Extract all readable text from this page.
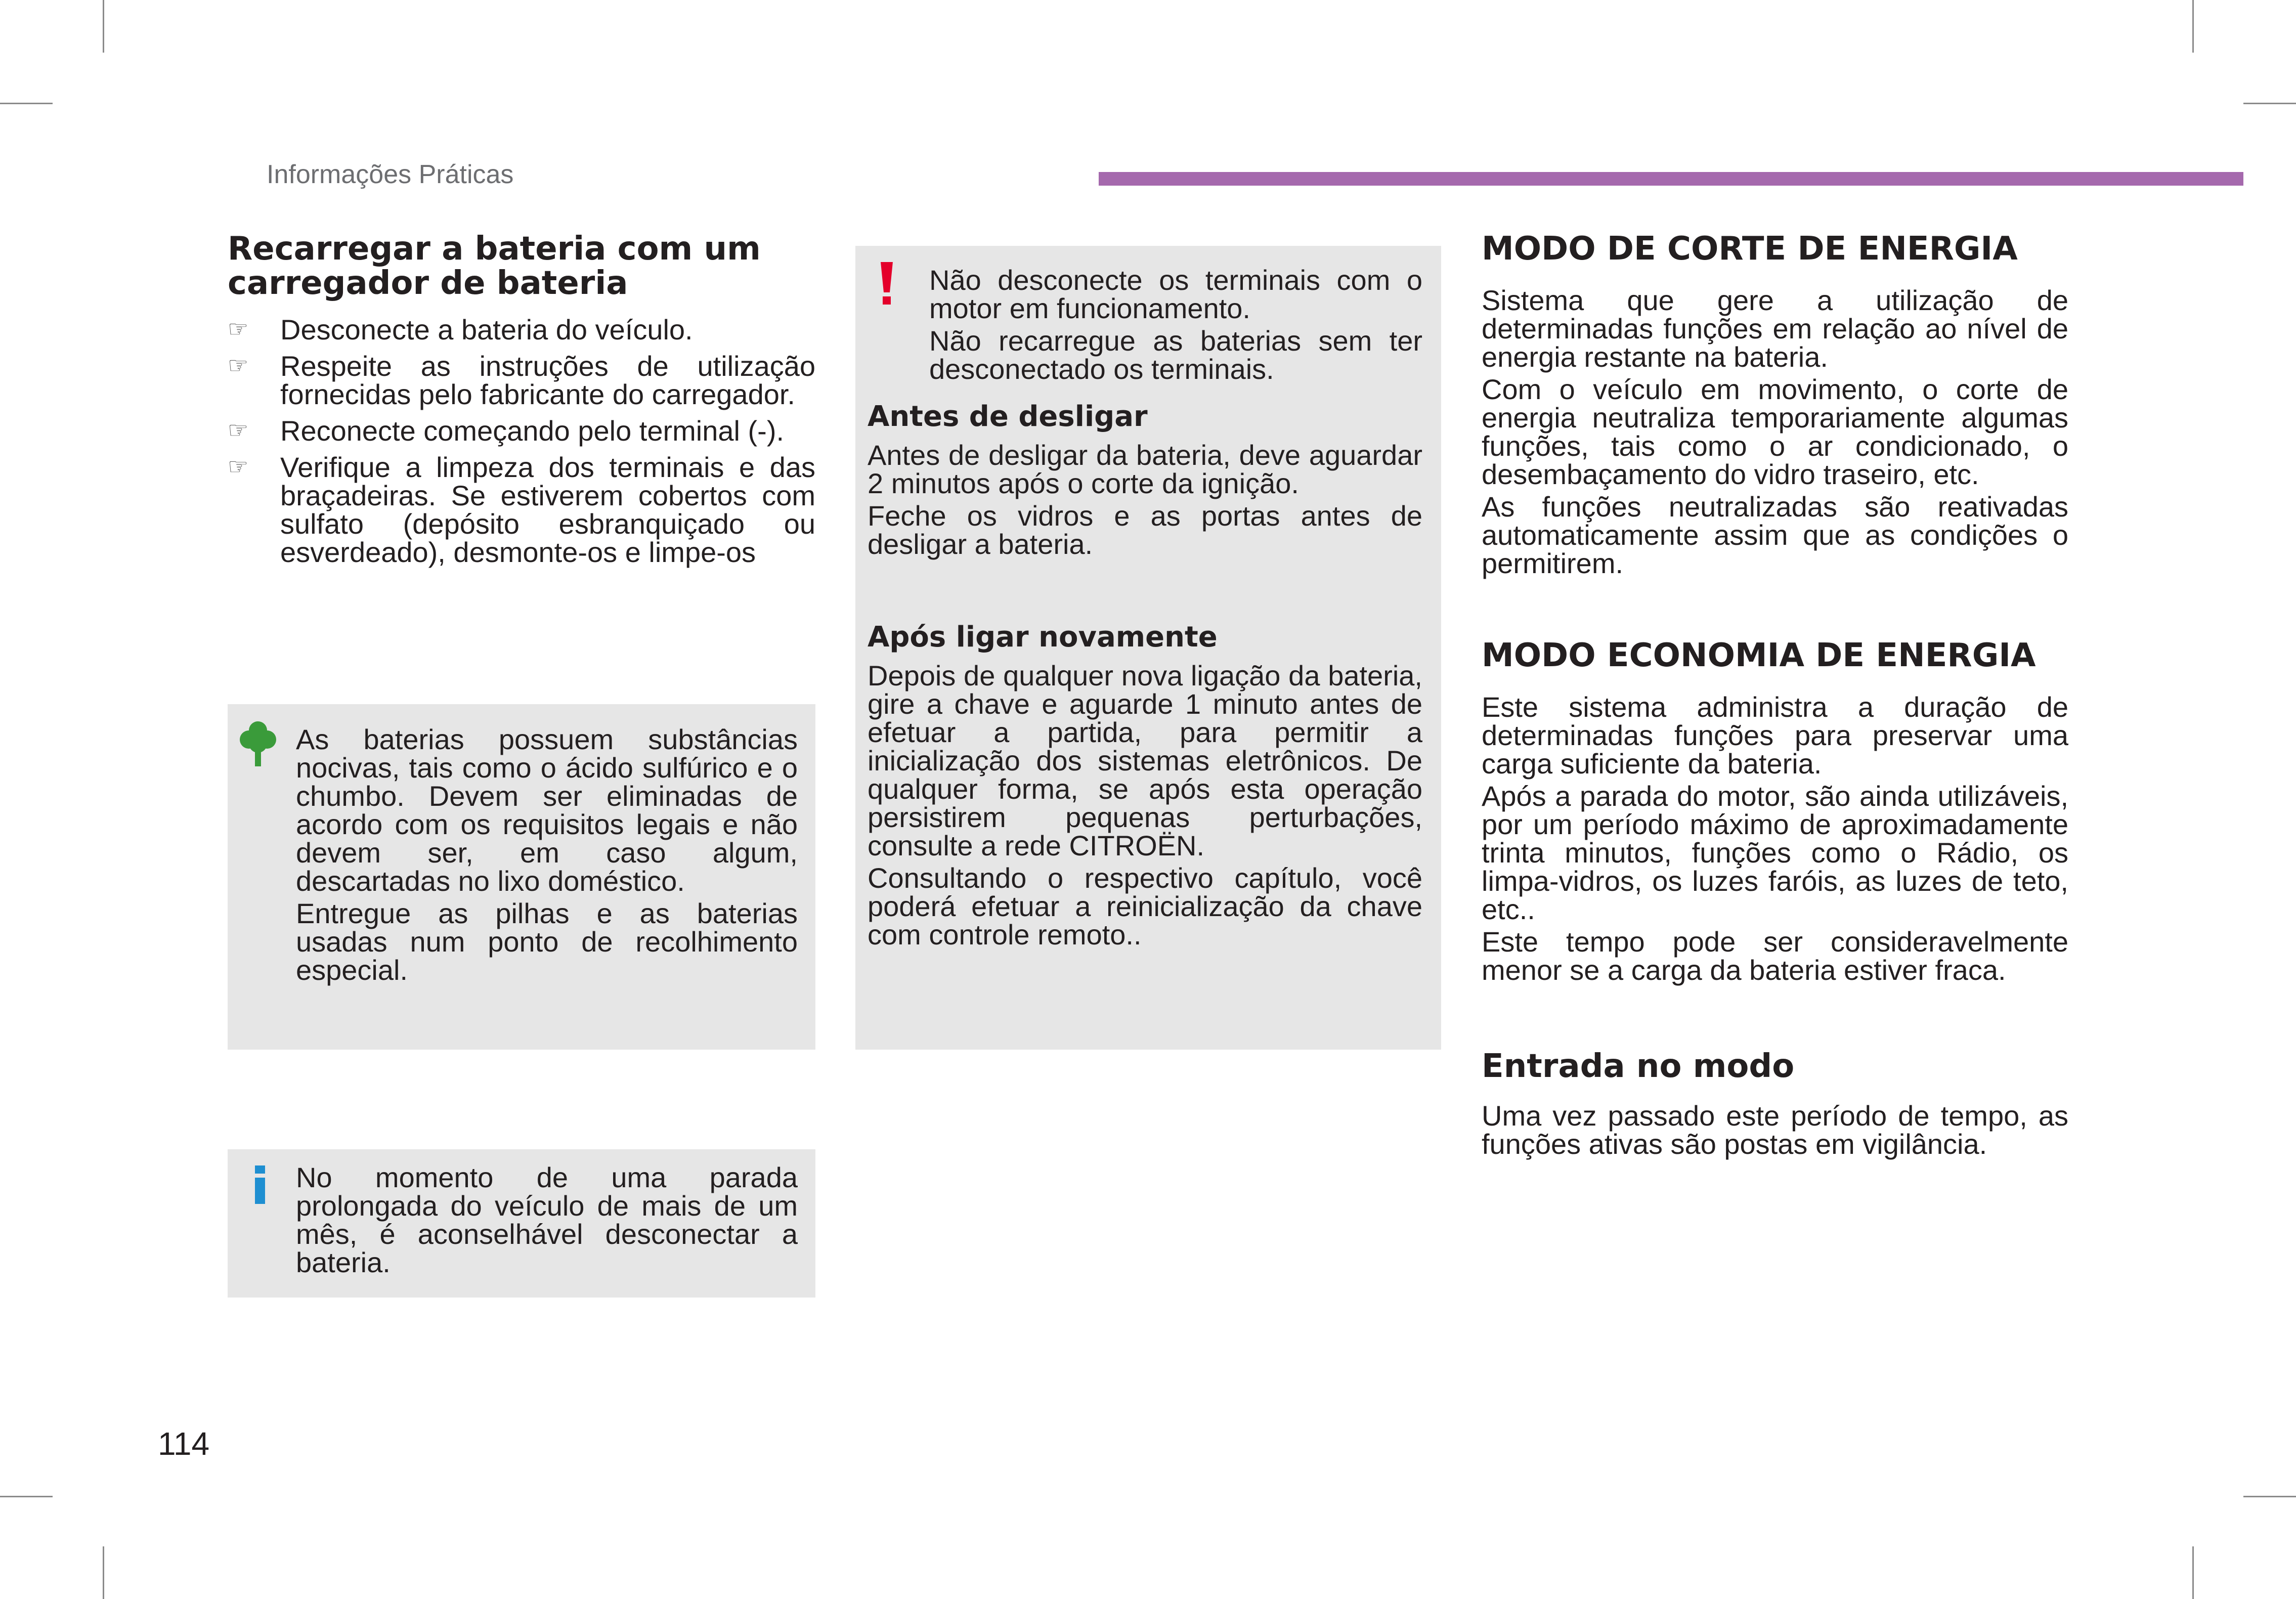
Informações Práticas
Recarregar a bateria com um carregador de bateria
☞ Desconecte a bateria do veículo.
☞ Respeite as instruções de utilização fornecidas pelo fabricante do carregador.
☞ Reconecte começando pelo terminal (-).
☞ Verifique a limpeza dos terminais e das braçadeiras. Se estiverem cobertos com sulfato (depósito esbranquiçado ou esverdeado), desmonte-os e limpe-os

As baterias possuem substâncias nocivas, tais como o ácido sulfúrico e o chumbo. Devem ser eliminadas de acordo com os requisitos legais e não devem ser, em caso algum, descartadas no lixo doméstico.

Entregue as pilhas e as baterias usadas num ponto de recolhimento especial.

No momento de uma parada prolongada do veículo de mais de um mês, é aconselhável desconectar a bateria.

Não desconecte os terminais com o motor em funcionamento.

Não recarregue as baterias sem ter desconectado os terminais.

Antes de desligar

Antes de desligar da bateria, deve aguardar 2 minutos após o corte da ignição.

Feche os vidros e as portas antes de desligar a bateria.

Após ligar novamente

Depois de qualquer nova ligação da bateria, gire a chave e aguarde 1 minuto antes de efetuar a partida, para permitir a inicialização dos sistemas eletrônicos. De qualquer forma, se após esta operação persistirem pequenas perturbações, consulte a rede CITROËN.

Consultando o respectivo capítulo, você poderá efetuar a reinicialização da chave com controle remoto..

MODO DE CORTE DE ENERGIA

Sistema que gere a utilização de determinadas funções em relação ao nível de energia restante na bateria.

Com o veículo em movimento, o corte de energia neutraliza temporariamente algumas funções, tais como o ar condicionado, o desembaçamento do vidro traseiro, etc.

As funções neutralizadas são reativadas automaticamente assim que as condições o permitirem.

MODO ECONOMIA DE ENERGIA

Este sistema administra a duração de determinadas funções para preservar uma carga suficiente da bateria.

Após a parada do motor, são ainda utilizáveis, por um período máximo de aproximadamente trinta minutos, funções como o Rádio, os limpa-vidros, os luzes faróis, as luzes de teto, etc..

Este tempo pode ser consideravelmente menor se a carga da bateria estiver fraca.

Entrada no modo

Uma vez passado este período de tempo, as funções ativas são postas em vigilância.

114
